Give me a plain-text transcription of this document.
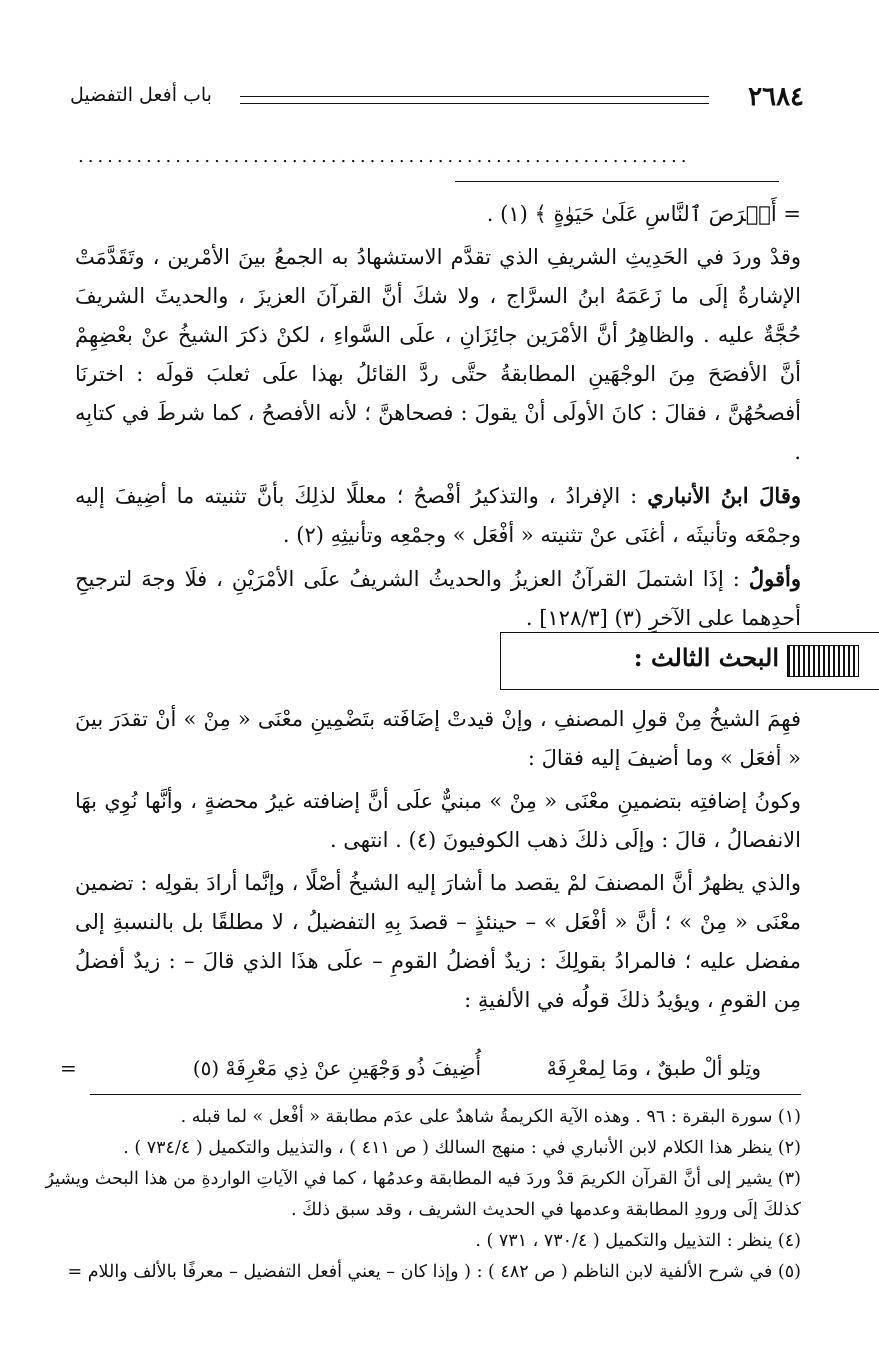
٢٦٨٤
باب أفعل التفضيل
...............................................................

= أَحۡرَصَ ٱلنَّاسِ عَلَىٰ حَيَوٰةٍ ﴾ (١) .

وقدْ وردَ في الحَدِيثِ الشريفِ الذي تقدَّم الاستشهادُ به الجمعُ بينَ الأمْرين ، وتَقَدَّمَتْ الإشارةُ إلَى ما زَعَمَهُ ابنُ السرَّاج ، ولا شكَ أنَّ القرآنَ العزيزَ ، والحديثَ الشريفَ حُجَّةٌ عليه . والظاهِرُ أنَّ الأمْرَين جائِزَانِ ، علَى السَّواءِ ، لكنْ ذكرَ الشيخُ عنْ بعْضِهِمْ أنَّ الأفصَحَ مِنَ الوجْهَينِ المطابقةُ حتَّى ردَّ القائلُ بهذا علَى ثعلبَ قولَه : اخترنَا أفصحُهُنَّ ، فقالَ : كانَ الأولَى أنْ يقولَ : فصحاهنَّ ؛ لأنه الأفصحُ ، كما شرطَ في كتابِه .

وقالَ ابنُ الأنباري : الإفرادُ ، والتذكيرُ أفْصحُ ؛ معللًا لذلِكَ بأنَّ تثنيته ما أضِيفَ إليه وجمْعَه وتأنيثَه ، أغنَى عنْ تثنيته « أفْعَل » وجمْعِه وتأنيثِهِ (٢) .

وأقولُ : إذَا اشتملَ القرآنُ العزيزُ والحديثُ الشريفُ علَى الأمْرَيْنِ ، فلَا وجهَ لترجيحِ أحدِهما على الآخرِ (٣) [١٢٨/٣] .

البحث الثالث :

فهِمَ الشيخُ مِنْ قولِ المصنفِ ، وإنْ قيدتْ إضَافَته بتَضْمِينِ معْنَى « مِنْ » أنْ تقدَرَ بينَ « أفعَل » وما أضيفَ إليه فقالَ :

وكونُ إضافتِه بتضمينِ معْنَى « مِنْ » مبنيٌّ علَى أنَّ إضافته غيرُ محضةٍ ، وأنَّها نُوِي بهَا الانفصالُ ، قالَ : وإلَى ذلكَ ذهب الكوفيونَ (٤) . انتهى .

والذي يظهرُ أنَّ المصنفَ لمْ يقصد ما أشارَ إليه الشيخُ أصْلًا ، وإنَّما أرادَ بقولِه : تضمين معْنَى « مِنْ » ؛ أنَّ « أفْعَل » – حينئذٍ – قصدَ بِهِ التفضيلُ ، لا مطلقًا بل بالنسبةِ إلى مفضل عليه ؛ فالمرادُ بقولِكَ : زيدٌ أفضلُ القومِ – علَى هذَا الذي قالَ – : زيدٌ أفضلُ مِن القومِ ، ويؤيدُ ذلكَ قولُه في الألفيةِ :

وتِلو ألْ طبقٌ ، ومَا لِمعْرِفَهْ
أُضِيفَ ذُو وَجْهَينِ عنْ ذِي مَعْرِفَهْ (٥)
=

(١) سورة البقرة : ٩٦ . وهذه الآية الكريمةُ شاهدٌ على عدَم مطابقة « أفْعل » لما قبله .

(٢) ينظر هذا الكلام لابن الأنباري في : منهج السالك ( ص ٤١١ ) ، والتذييل والتكميل ( ٧٣٤/٤ ) .

(٣) يشير إلى أنَّ القرآن الكريمَ قدْ وردَ فيه المطابقة وعدمُها ، كما في الآياتِ الواردةِ من هذا البحث ويشيرُ كذلكَ إلَى ورودِ المطابقة وعدمها في الحديث الشريف ، وقد سبق ذلكَ .

(٤) ينظر : التذييل والتكميل ( ٧٣٠/٤ ، ٧٣١ ) .

(٥) في شرح الألفية لابن الناظم ( ص ٤٨٢ ) : ( وإذا كان – يعني أفعل التفضيل – معرفًا بالألف واللام =
